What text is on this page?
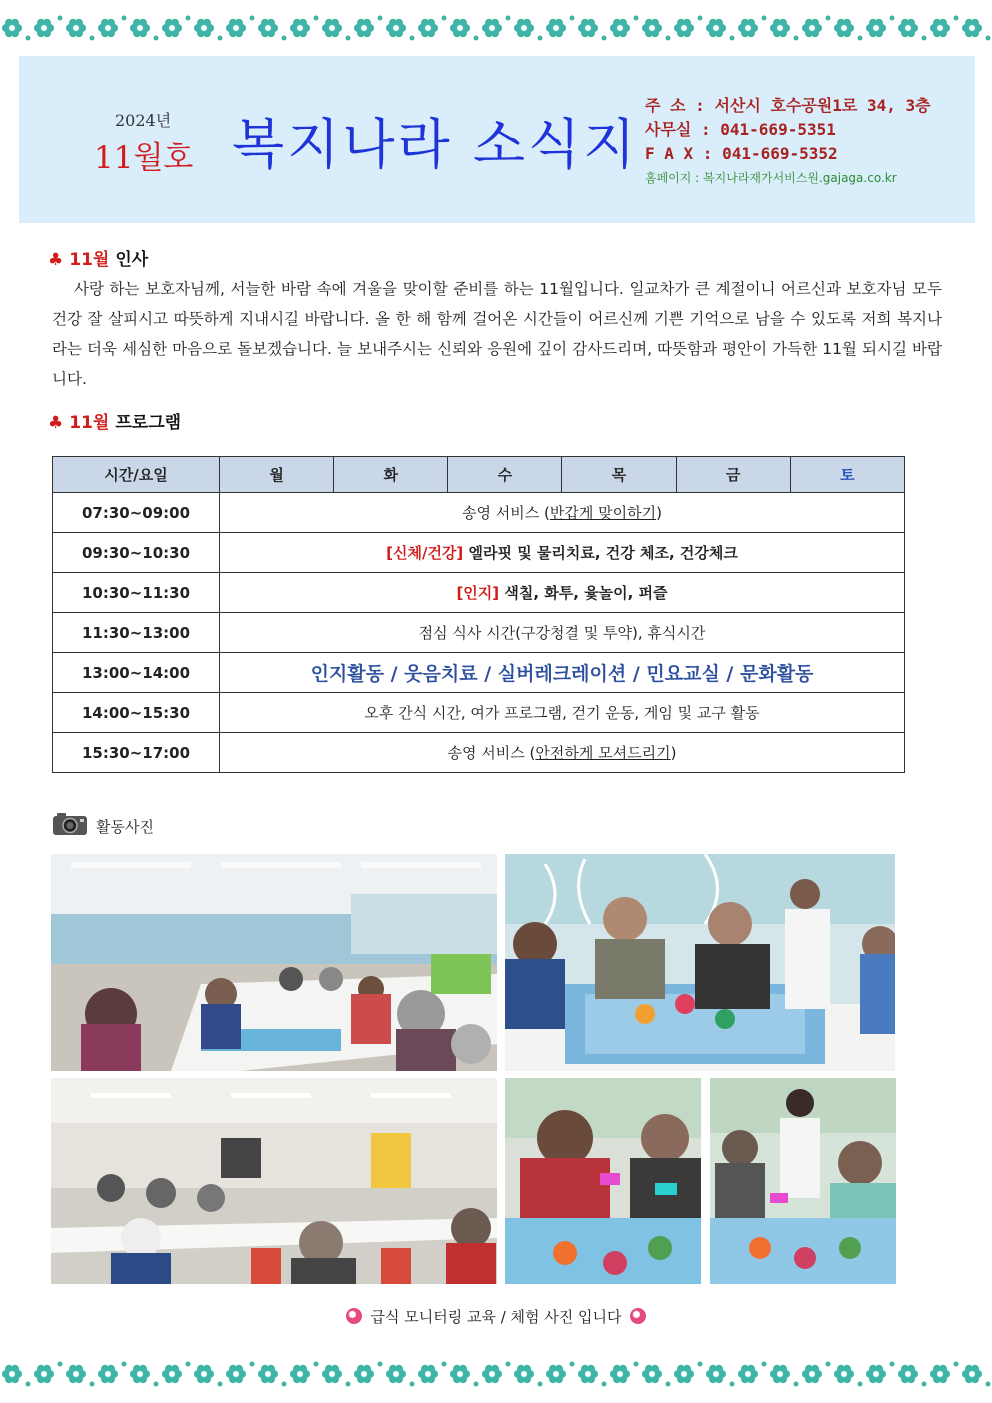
2024년
11월호 복지나라 소식지
주 소 : 서산시 호수공원1로 34, 3층
사무실 : 041-669-5351
F A X : 041-669-5352
홈페이지 : 복지나라재가서비스원.gajaga.co.kr
♣ 11월 인사
사랑 하는 보호자님께, 서늘한 바람 속에 겨울을 맞이할 준비를 하는 11월입니다. 일교차가 큰 계절이니 어르신과 보호자님 모두 건강 잘 살피시고 따뜻하게 지내시길 바랍니다. 올 한 해 함께 걸어온 시간들이 어르신께 기쁜 기억으로 남을 수 있도록 저희 복지나라는 더욱 세심한 마음으로 돌보겠습니다. 늘 보내주시는 신뢰와 응원에 깊이 감사드리며, 따뜻함과 평안이 가득한 11월 되시길 바랍니다.
♣ 11월 프로그램
시간/요일	월	화	수	목	금	토
07:30~09:00	송영 서비스 (반갑게 맞이하기)					
09:30~10:30	[신체/건강] 엘라핏 및 물리치료, 건강 체조, 건강체크					
10:30~11:30	[인지] 색칠, 화투, 윷놀이, 퍼즐					
11:30~13:00	점심 식사 시간(구강청결 및 투약), 휴식시간					
13:00~14:00	인지활동 / 웃음치료 / 실버레크레이션 / 민요교실 / 문화활동					
14:00~15:30	오후 간식 시간, 여가 프로그램, 걷기 운동, 게임 및 교구 활동					
15:30~17:00	송영 서비스 (안전하게 모셔드리기)					
활동사진
급식 모니터링 교육 / 체험 사진 입니다
